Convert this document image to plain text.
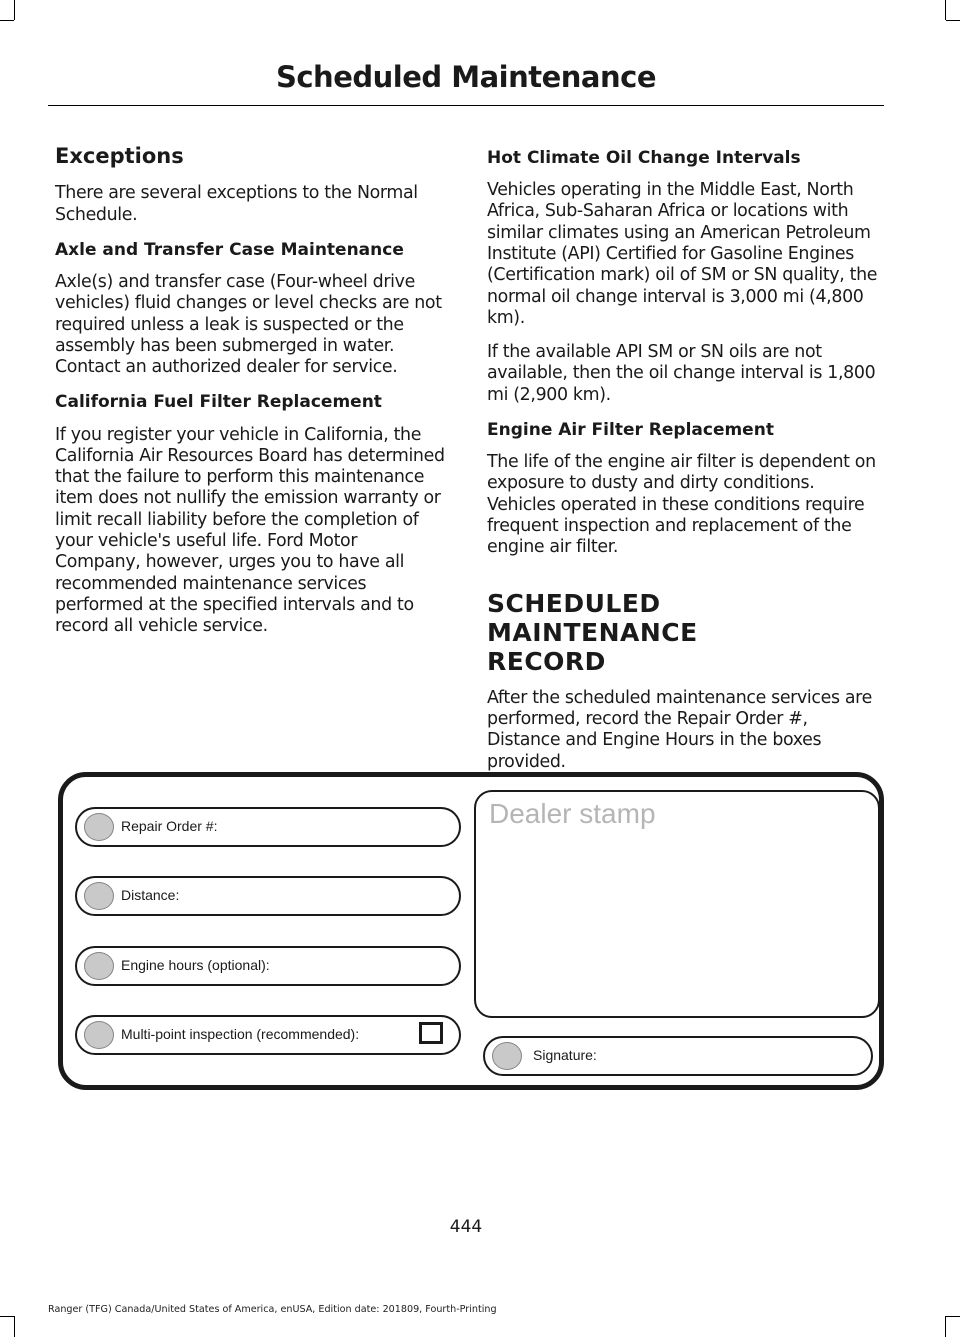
Scheduled Maintenance
Exceptions

There are several exceptions to the Normal Schedule.

Axle and Transfer Case Maintenance

Axle(s) and transfer case (Four-wheel drive vehicles) fluid changes or level checks are not required unless a leak is suspected or the assembly has been submerged in water. Contact an authorized dealer for service.

California Fuel Filter Replacement

If you register your vehicle in California, the California Air Resources Board has determined that the failure to perform this maintenance item does not nullify the emission warranty or limit recall liability before the completion of your vehicle's useful life. Ford Motor Company, however, urges you to have all recommended maintenance services performed at the specified intervals and to record all vehicle service.

Hot Climate Oil Change Intervals

Vehicles operating in the Middle East, North Africa, Sub-Saharan Africa or locations with similar climates using an American Petroleum Institute (API) Certified for Gasoline Engines (Certification mark) oil of SM or SN quality, the normal oil change interval is 3,000 mi (4,800 km).

If the available API SM or SN oils are not available, then the oil change interval is 1,800 mi (2,900 km).

Engine Air Filter Replacement

The life of the engine air filter is dependent on exposure to dusty and dirty conditions. Vehicles operated in these conditions require frequent inspection and replacement of the engine air filter.

SCHEDULED MAINTENANCE
RECORD

After the scheduled maintenance services are performed, record the Repair Order #, Distance and Engine Hours in the boxes provided.

Repair Order #:
Distance:
Engine hours (optional):
Multi-point inspection (recommended):
Dealer stamp
Signature:
444
Ranger (TFG) Canada/United States of America, enUSA, Edition date: 201809, Fourth-Printing
